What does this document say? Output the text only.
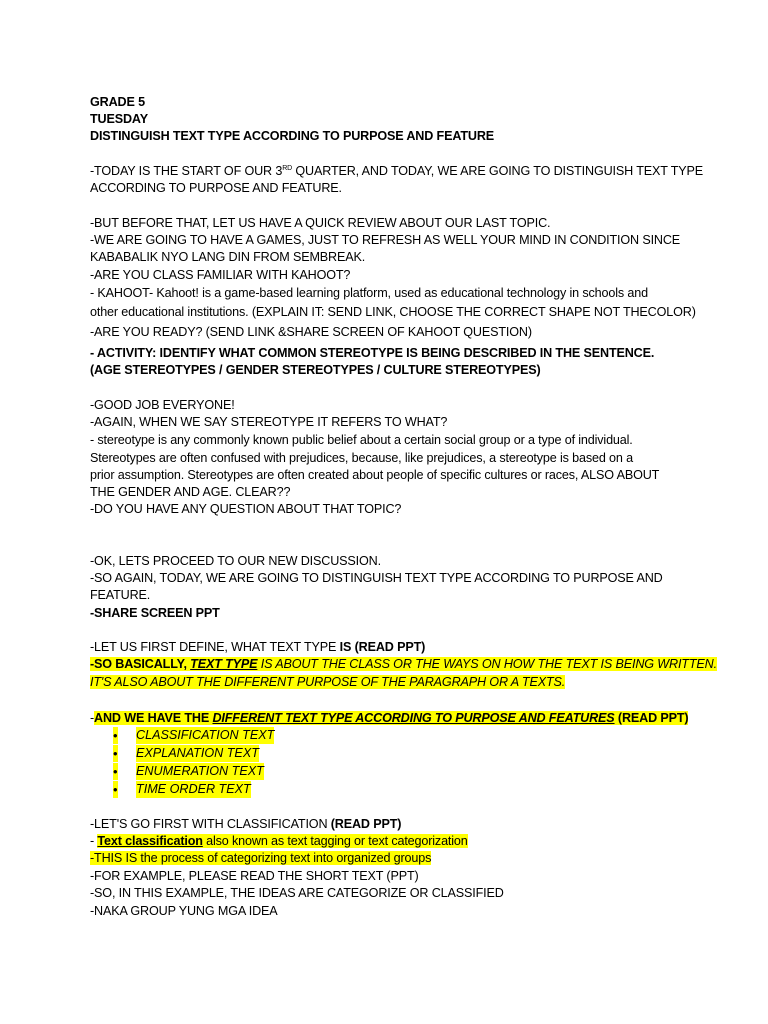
GRADE 5
TUESDAY
DISTINGUISH TEXT TYPE ACCORDING TO PURPOSE AND FEATURE
-TODAY IS THE START OF OUR 3RD QUARTER, AND TODAY, WE ARE GOING TO DISTINGUISH TEXT TYPE
ACCORDING TO PURPOSE AND FEATURE.
-BUT BEFORE THAT, LET US HAVE A QUICK REVIEW ABOUT OUR LAST TOPIC.
-WE ARE GOING TO HAVE A GAMES, JUST TO REFRESH AS WELL YOUR MIND IN CONDITION SINCE
KABABALIK NYO LANG DIN FROM SEMBREAK.
-ARE YOU CLASS FAMILIAR WITH KAHOOT?
- KAHOOT- Kahoot! is a game-based learning platform, used as educational technology in schools and
other educational institutions. (EXPLAIN IT: SEND LINK, CHOOSE THE CORRECT SHAPE NOT THECOLOR)
-ARE YOU READY? (SEND LINK &SHARE SCREEN OF KAHOOT QUESTION)
- ACTIVITY: IDENTIFY WHAT COMMON STEREOTYPE IS BEING DESCRIBED IN THE SENTENCE.
(AGE STEREOTYPES / GENDER STEREOTYPES / CULTURE STEREOTYPES)
-GOOD JOB EVERYONE!
-AGAIN, WHEN WE SAY STEREOTYPE IT REFERS TO WHAT?
- stereotype is any commonly known public belief about a certain social group or a type of individual.
Stereotypes are often confused with prejudices, because, like prejudices, a stereotype is based on a
prior assumption. Stereotypes are often created about people of specific cultures or races, ALSO ABOUT
THE GENDER AND AGE. CLEAR??
-DO YOU HAVE ANY QUESTION ABOUT THAT TOPIC?
-OK, LETS PROCEED TO OUR NEW DISCUSSION.
-SO AGAIN, TODAY, WE ARE GOING TO DISTINGUISH TEXT TYPE ACCORDING TO PURPOSE AND
FEATURE.
-SHARE SCREEN PPT
-LET US FIRST DEFINE, WHAT TEXT TYPE IS (READ PPT)
-SO BASICALLY, TEXT TYPE IS ABOUT THE CLASS OR THE WAYS ON HOW THE TEXT IS BEING WRITTEN.
IT'S ALSO ABOUT THE DIFFERENT PURPOSE OF THE PARAGRAPH OR A TEXTS.
-AND WE HAVE THE DIFFERENT TEXT TYPE ACCORDING TO PURPOSE AND FEATURES (READ PPT)
• CLASSIFICATION TEXT
• EXPLANATION TEXT
• ENUMERATION TEXT
• TIME ORDER TEXT
-LET'S GO FIRST WITH CLASSIFICATION (READ PPT)
- Text classification also known as text tagging or text categorization
-THIS IS the process of categorizing text into organized groups
-FOR EXAMPLE, PLEASE READ THE SHORT TEXT (PPT)
-SO, IN THIS EXAMPLE, THE IDEAS ARE CATEGORIZE OR CLASSIFIED
-NAKA GROUP YUNG MGA IDEA
